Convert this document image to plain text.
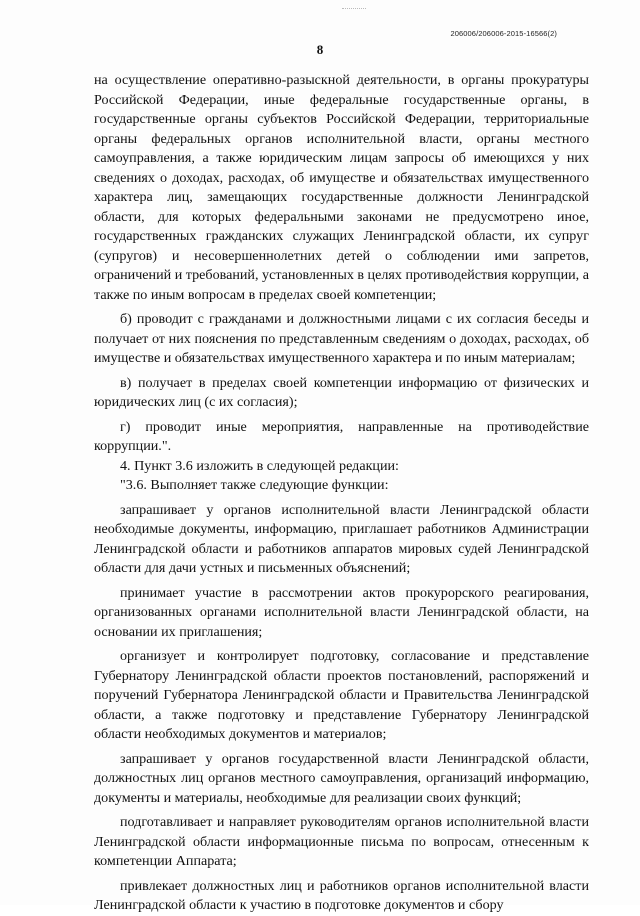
206006/206006-2015-16566(2)
8

на осуществление оперативно-разыскной деятельности, в органы прокуратуры Российской Федерации, иные федеральные государственные органы, в государственные органы субъектов Российской Федерации, территориальные органы федеральных органов исполнительной власти, органы местного самоуправления, а также юридическим лицам запросы об имеющихся у них сведениях о доходах, расходах, об имуществе и обязательствах имущественного характера лиц, замещающих государственные должности Ленинградской области, для которых федеральными законами не предусмотрено иное, государственных гражданских служащих Ленинградской области, их супруг (супругов) и несовершеннолетних детей о соблюдении ими запретов, ограничений и требований, установленных в целях противодействия коррупции, а также по иным вопросам в пределах своей компетенции;

б) проводит с гражданами и должностными лицами с их согласия беседы и получает от них пояснения по представленным сведениям о доходах, расходах, об имуществе и обязательствах имущественного характера и по иным материалам;

в) получает в пределах своей компетенции информацию от физических и юридических лиц (с их согласия);

г) проводит иные мероприятия, направленные на противодействие коррупции.".

4. Пункт 3.6 изложить в следующей редакции:

"3.6. Выполняет также следующие функции:

запрашивает у органов исполнительной власти Ленинградской области необходимые документы, информацию, приглашает работников Администрации Ленинградской области и работников аппаратов мировых судей Ленинградской области для дачи устных и письменных объяснений;

принимает участие в рассмотрении актов прокурорского реагирования, организованных органами исполнительной власти Ленинградской области, на основании их приглашения;

организует и контролирует подготовку, согласование и представление Губернатору Ленинградской области проектов постановлений, распоряжений и поручений Губернатора Ленинградской области и Правительства Ленинградской области, а также подготовку и представление Губернатору Ленинградской области необходимых документов и материалов;

запрашивает у органов государственной власти Ленинградской области, должностных лиц органов местного самоуправления, организаций информацию, документы и материалы, необходимые для реализации своих функций;

подготавливает и направляет руководителям органов исполнительной власти Ленинградской области информационные письма по вопросам, отнесенным к компетенции Аппарата;

привлекает должностных лиц и работников органов исполнительной власти Ленинградской области к участию в подготовке документов и сбору
